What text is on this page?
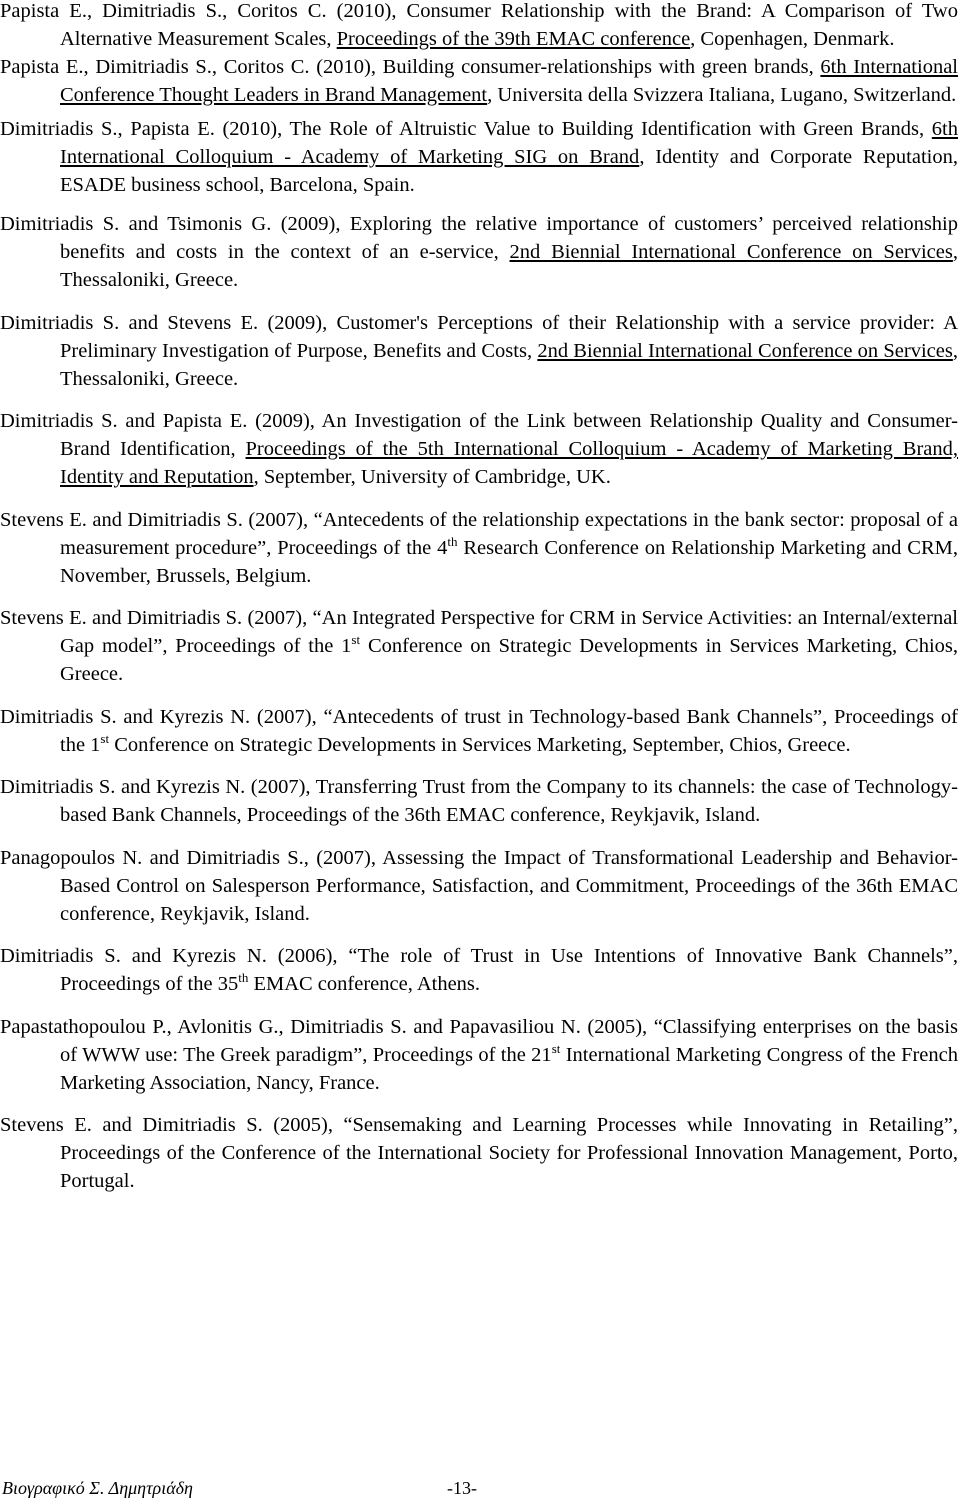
Papista E., Dimitriadis S., Coritos C. (2010), Consumer Relationship with the Brand: A Comparison of Two Alternative Measurement Scales, Proceedings of the 39th EMAC conference, Copenhagen, Denmark.

Papista E., Dimitriadis S., Coritos C. (2010), Building consumer-relationships with green brands, 6th International Conference Thought Leaders in Brand Management, Universita della Svizzera Italiana, Lugano, Switzerland.

Dimitriadis S., Papista E. (2010), The Role of Altruistic Value to Building Identification with Green Brands, 6th International Colloquium - Academy of Marketing SIG on Brand, Identity and Corporate Reputation, ESADE business school, Barcelona, Spain.

Dimitriadis S. and Tsimonis G. (2009), Exploring the relative importance of customers’ perceived relationship benefits and costs in the context of an e-service, 2nd Biennial International Conference on Services, Thessaloniki, Greece.

Dimitriadis S. and Stevens E. (2009), Customer's Perceptions of their Relationship with a service provider: A Preliminary Investigation of Purpose, Benefits and Costs, 2nd Biennial International Conference on Services, Thessaloniki, Greece.

Dimitriadis S. and Papista E. (2009), An Investigation of the Link between Relationship Quality and Consumer-Brand Identification, Proceedings of the 5th International Colloquium - Academy of Marketing Brand, Identity and Reputation, September, University of Cambridge, UK.

Stevens E. and Dimitriadis S. (2007), “Antecedents of the relationship expectations in the bank sector: proposal of a measurement procedure”, Proceedings of the 4th Research Conference on Relationship Marketing and CRM, November, Brussels, Belgium.

Stevens E. and Dimitriadis S. (2007), “An Integrated Perspective for CRM in Service Activities: an Internal/external Gap model”, Proceedings of the 1st Conference on Strategic Developments in Services Marketing, Chios, Greece.

Dimitriadis S. and Kyrezis N. (2007), “Antecedents of trust in Technology-based Bank Channels”, Proceedings of the 1st Conference on Strategic Developments in Services Marketing, September, Chios, Greece.

Dimitriadis S. and Kyrezis N. (2007), Transferring Trust from the Company to its channels: the case of Technology-based Bank Channels, Proceedings of the 36th EMAC conference, Reykjavik, Island.

Panagopoulos N. and Dimitriadis S., (2007), Assessing the Impact of Transformational Leadership and Behavior-Based Control on Salesperson Performance, Satisfaction, and Commitment, Proceedings of the 36th EMAC conference, Reykjavik, Island.

Dimitriadis S. and Kyrezis N. (2006), “The role of Trust in Use Intentions of Innovative Bank Channels”, Proceedings of the 35th EMAC conference, Athens.

Papastathopoulou P., Avlonitis G., Dimitriadis S. and Papavasiliou N. (2005), “Classifying enterprises on the basis of WWW use: The Greek paradigm”, Proceedings of the 21st International Marketing Congress of the French Marketing Association, Nancy, France.

Stevens E. and Dimitriadis S. (2005), “Sensemaking and Learning Processes while Innovating in Retailing”, Proceedings of the Conference of the International Society for Professional Innovation Management, Porto, Portugal.

Βιογραφικό Σ. Δημητριάδη	-13-
